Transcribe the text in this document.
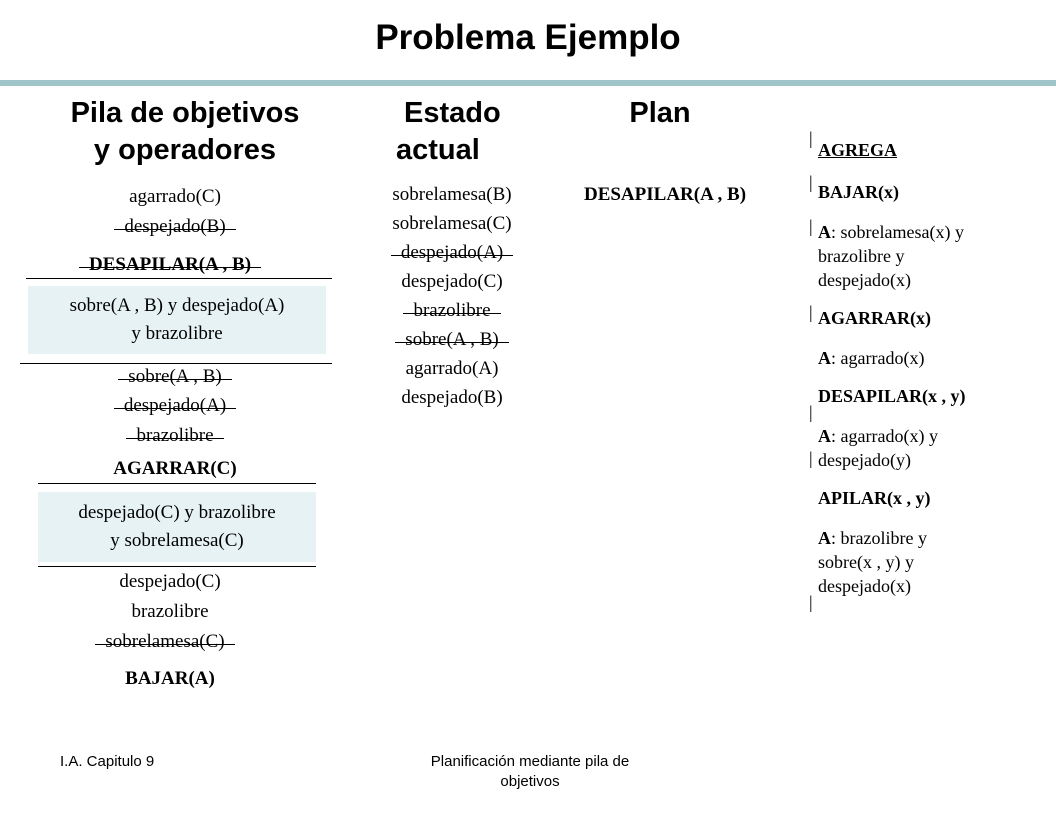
Problema Ejemplo
Pila de objetivos
y operadores
Estado
actual
Plan
agarrado(C)
despejado(B)
DESAPILAR(A , B)
sobre(A , B) y despejado(A)
y brazolibre
sobre(A , B)
despejado(A)
brazolibre
AGARRAR(C)
despejado(C) y brazolibre
y sobrelamesa(C)
despejado(C)
brazolibre
sobrelamesa(C)
BAJAR(A)
sobrelamesa(B)
sobrelamesa(C)
despejado(A)
despejado(C)
brazolibre
sobre(A , B)
agarrado(A)
despejado(B)
DESAPILAR(A , B)
|
|
|
|
|
|
|
AGREGA
BAJAR(x)
A: sobrelamesa(x) y
brazolibre y
despejado(x)
AGARRAR(x)
A: agarrado(x)
DESAPILAR(x , y)
A: agarrado(x) y
despejado(y)
APILAR(x , y)
A: brazolibre y
sobre(x , y) y
despejado(x)
I.A. Capitulo 9	Planificación mediante pila de
objetivos
